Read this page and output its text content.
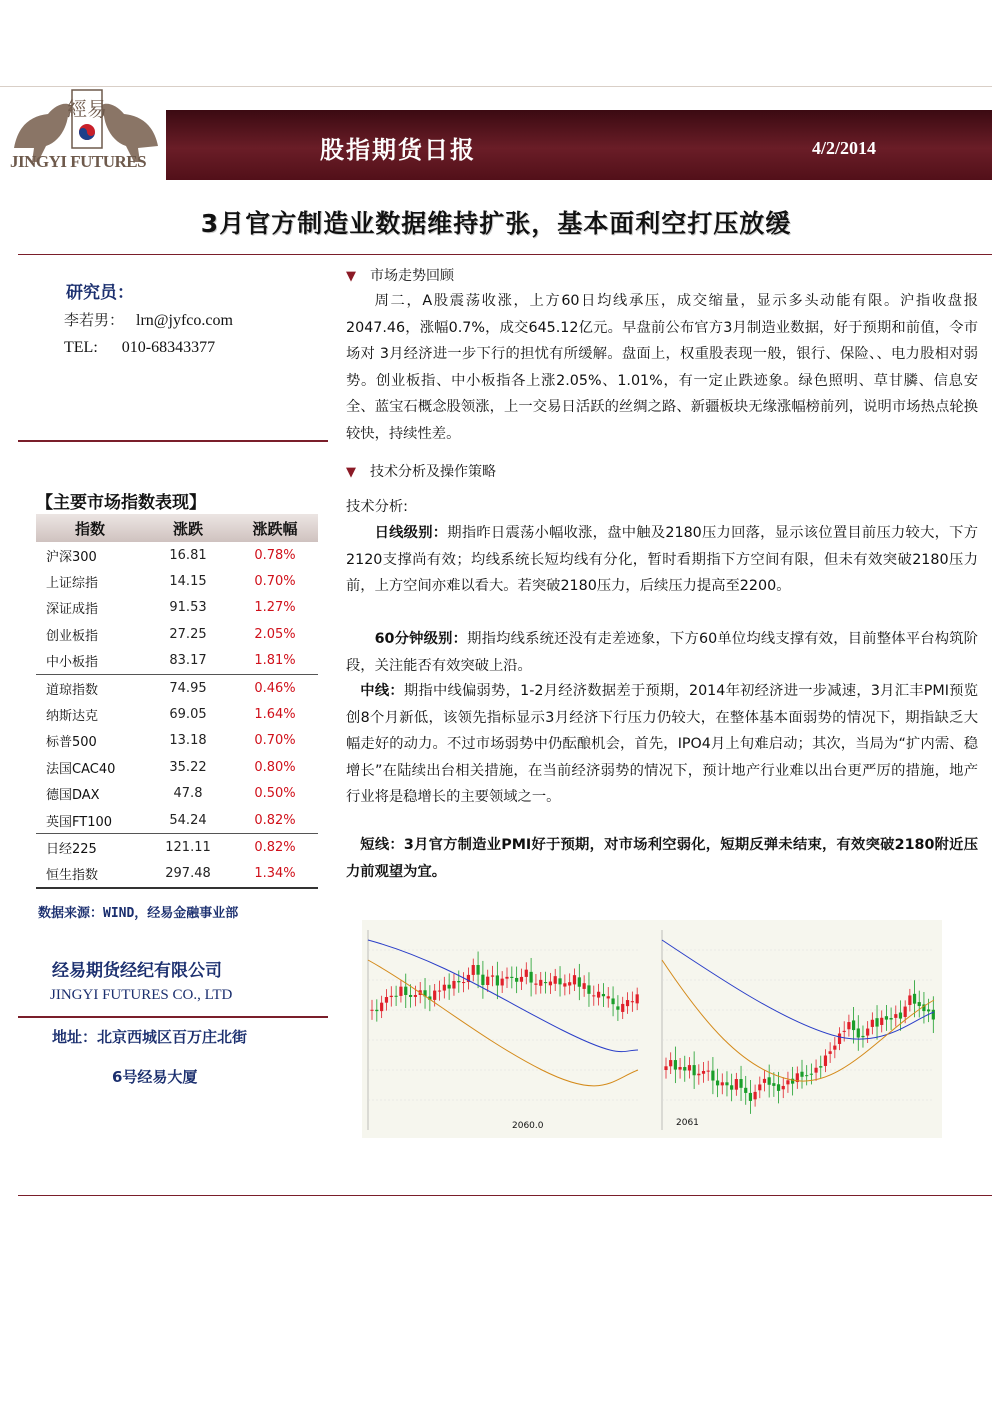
經易
JINGYI FUTURES	股指期货日报	4/2/2014
3月官方制造业数据维持扩张，基本面利空打压放缓
研究员：
李若男： lrn@jyfco.com
TEL: 010-68343377
【主要市场指数表现】
指数	涨跌	涨跌幅
沪深300	16.81	0.78%
上证综指	14.15	0.70%
深证成指	91.53	1.27%
创业板指	27.25	2.05%
中小板指	83.17	1.81%
道琼指数	74.95	0.46%
纳斯达克	69.05	1.64%
标普500	13.18	0.70%
法国CAC40	35.22	0.80%
德国DAX	47.8	0.50%
英国FT100	54.24	0.82%
日经225	121.11	0.82%
恒生指数	297.48	1.34%
数据来源：WIND，经易金融事业部
经易期货经纪有限公司
JINGYI FUTURES CO., LTD
地址：北京西城区百万庄北街
6号经易大厦
▼ 市场走势回顾
周二，A股震荡收涨，上方60日均线承压，成交缩量，显示多头动能有限。沪指收盘报2047.46，涨幅0.7%，成交645.12亿元。早盘前公布官方3月制造业数据，好于预期和前值，令市场对 3月经济进一步下行的担忧有所缓解。盘面上，权重股表现一般，银行、保险、、电力股相对弱势。创业板指、中小板指各上涨2.05%、1.01%，有一定止跌迹象。绿色照明、草甘膦、信息安全、蓝宝石概念股领涨，上一交易日活跃的丝绸之路、新疆板块无缘涨幅榜前列，说明市场热点轮换较快，持续性差。
▼ 技术分析及操作策略
技术分析:
日线级别：期指昨日震荡小幅收涨，盘中触及2180压力回落，显示该位置目前压力较大，下方2120支撑尚有效；均线系统长短均线有分化，暂时看期指下方空间有限，但未有效突破2180压力前，上方空间亦难以看大。若突破2180压力，后续压力提高至2200。
60分钟级别：期指均线系统还没有走差迹象，下方60单位均线支撑有效，目前整体平台构筑阶段，关注能否有效突破上沿。
中线：期指中线偏弱势，1-2月经济数据差于预期，2014年初经济进一步减速，3月汇丰PMI预览创8个月新低，该领先指标显示3月经济下行压力仍较大，在整体基本面弱势的情况下，期指缺乏大幅走好的动力。不过市场弱势中仍酝酿机会，首先，IPO4月上旬难启动；其次，当局为“扩内需、稳增长”在陆续出台相关措施，在当前经济弱势的情况下，预计地产行业难以出台更严厉的措施，地产行业将是稳增长的主要领域之一。
短线：3月官方制造业PMI好于预期，对市场利空弱化，短期反弹未结束，有效突破2180附近压力前观望为宜。
2060.0	2061
